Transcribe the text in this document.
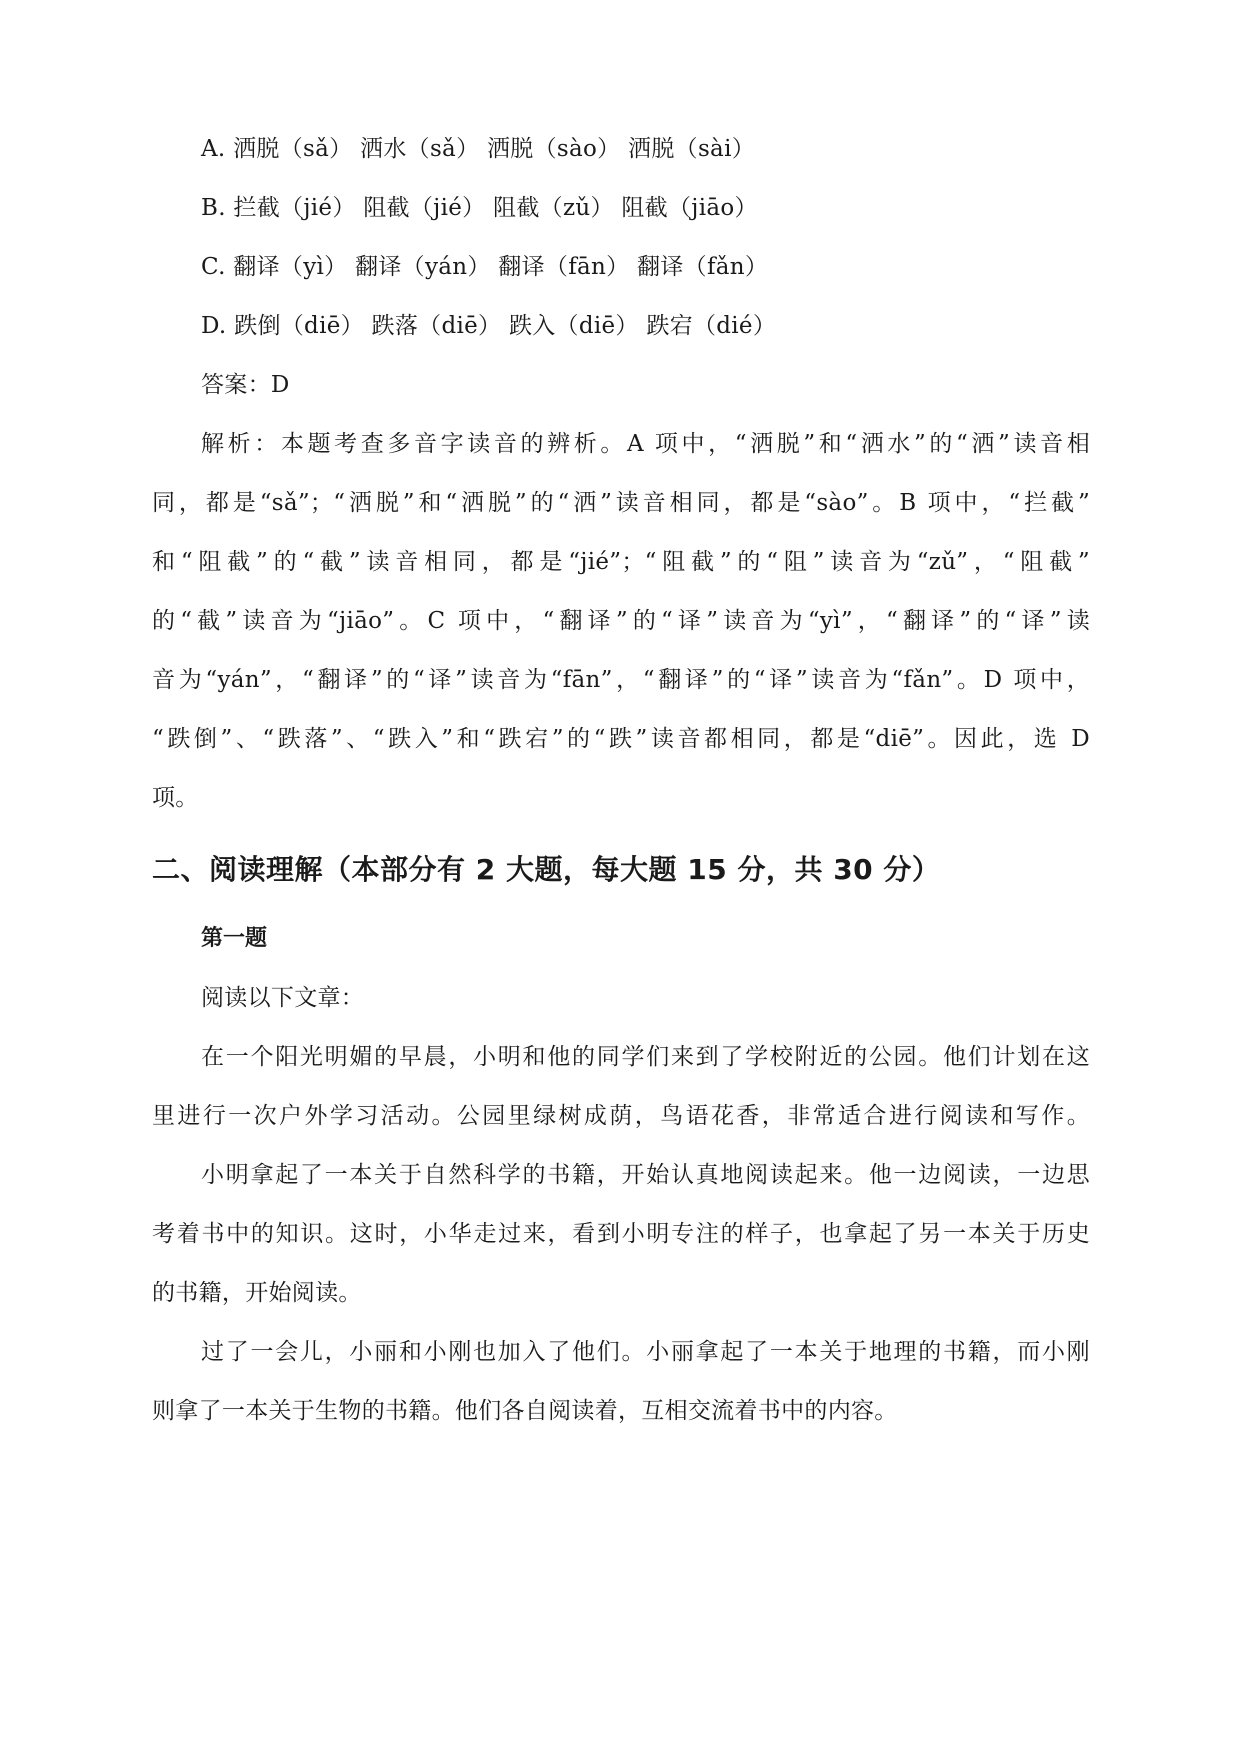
A. 洒脱（sǎ） 洒水（sǎ） 洒脱（sào） 洒脱（sài）
B. 拦截（jié） 阻截（jié） 阻截（zǔ） 阻截（jiāo）
C. 翻译（yì） 翻译（yán） 翻译（fān） 翻译（fǎn）
D. 跌倒（diē） 跌落（diē） 跌入（diē） 跌宕（dié）
答案：D
解析：本题考查多音字读音的辨析。A 项中，“洒脱”和“洒水”的“洒”读音相
同，都是“sǎ”；“洒脱”和“洒脱”的“洒”读音相同，都是“sào”。B 项中，“拦截”
和“阻截”的“截”读音相同，都是“jié”；“阻截”的“阻”读音为“zǔ”，“阻截”
的“截”读音为“jiāo”。C 项中，“翻译”的“译”读音为“yì”，“翻译”的“译”读
音为“yán”，“翻译”的“译”读音为“fān”，“翻译”的“译”读音为“fǎn”。D 项中，
“跌倒”、“跌落”、“跌入”和“跌宕”的“跌”读音都相同，都是“diē”。因此，选 D
项。
二、阅读理解（本部分有 2 大题，每大题 15 分，共 30 分）
第一题
阅读以下文章：
在一个阳光明媚的早晨，小明和他的同学们来到了学校附近的公园。他们计划在这
里进行一次户外学习活动。公园里绿树成荫，鸟语花香，非常适合进行阅读和写作。
小明拿起了一本关于自然科学的书籍，开始认真地阅读起来。他一边阅读，一边思
考着书中的知识。这时，小华走过来，看到小明专注的样子，也拿起了另一本关于历史
的书籍，开始阅读。
过了一会儿，小丽和小刚也加入了他们。小丽拿起了一本关于地理的书籍，而小刚
则拿了一本关于生物的书籍。他们各自阅读着，互相交流着书中的内容。
